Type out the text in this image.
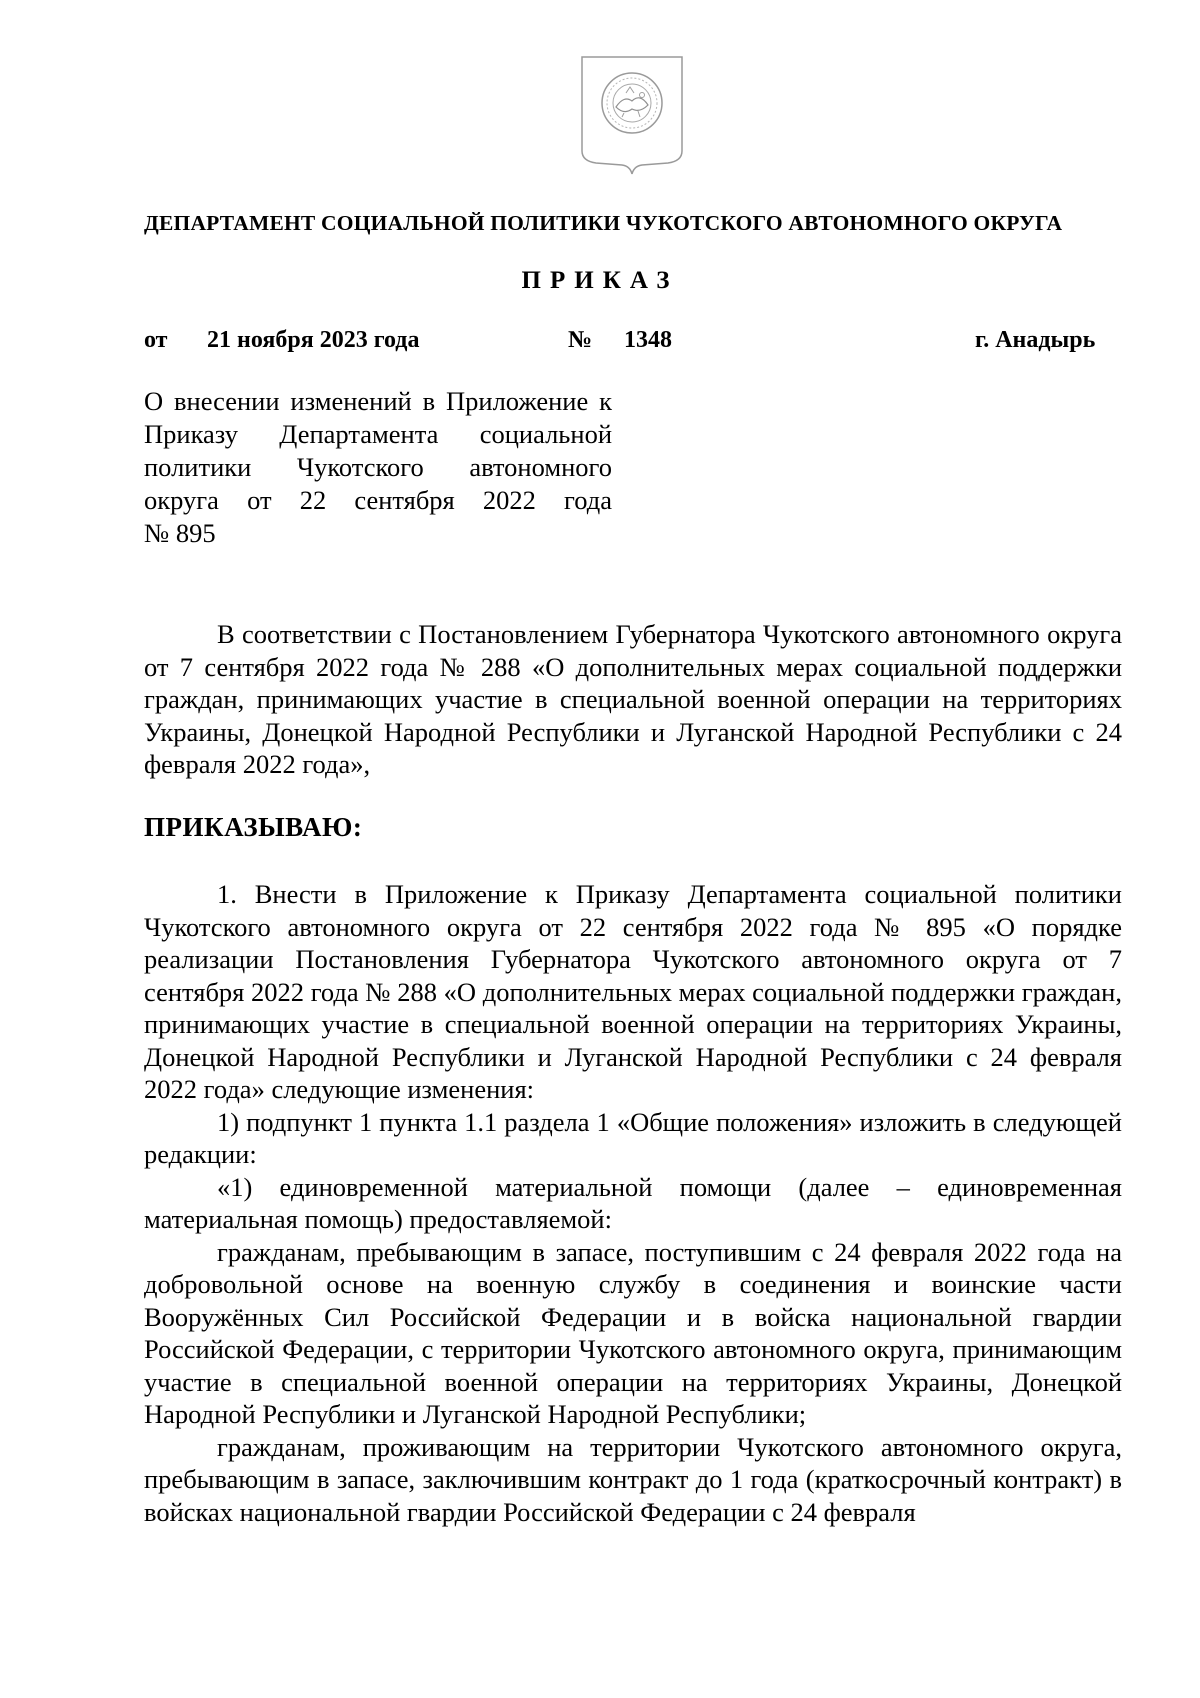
ДЕПАРТАМЕНТ СОЦИАЛЬНОЙ ПОЛИТИКИ ЧУКОТСКОГО АВТОНОМНОГО ОКРУГА
ПРИКАЗ
от 21 ноября 2023 года	№ 1348	г. Анадырь
О внесении изменений в Приложение к Приказу Департамента социальной политики Чукотского автономного округа от 22 сентября 2022 года
№ 895

В соответствии с Постановлением Губернатора Чукотского автономного округа от 7 сентября 2022 года № 288 «О дополнительных мерах социальной поддержки граждан, принимающих участие в специальной военной операции на территориях Украины, Донецкой Народной Республики и Луганской Народной Республики с 24 февраля 2022 года»,

ПРИКАЗЫВАЮ:

1. Внести в Приложение к Приказу Департамента социальной политики Чукотского автономного округа от 22 сентября 2022 года № 895 «О порядке реализации Постановления Губернатора Чукотского автономного округа от 7 сентября 2022 года № 288 «О дополнительных мерах социальной поддержки граждан, принимающих участие в специальной военной операции на территориях Украины, Донецкой Народной Республики и Луганской Народной Республики с 24 февраля 2022 года» следующие изменения:

1) подпункт 1 пункта 1.1 раздела 1 «Общие положения» изложить в следующей редакции:

«1) единовременной материальной помощи (далее – единовременная материальная помощь) предоставляемой:

гражданам, пребывающим в запасе, поступившим с 24 февраля 2022 года на добровольной основе на военную службу в соединения и воинские части Вооружённых Сил Российской Федерации и в войска национальной гвардии Российской Федерации, с территории Чукотского автономного округа, принимающим участие в специальной военной операции на территориях Украины, Донецкой Народной Республики и Луганской Народной Республики;

гражданам, проживающим на территории Чукотского автономного округа, пребывающим в запасе, заключившим контракт до 1 года (краткосрочный контракт) в войсках национальной гвардии Российской Федерации с 24 февраля
